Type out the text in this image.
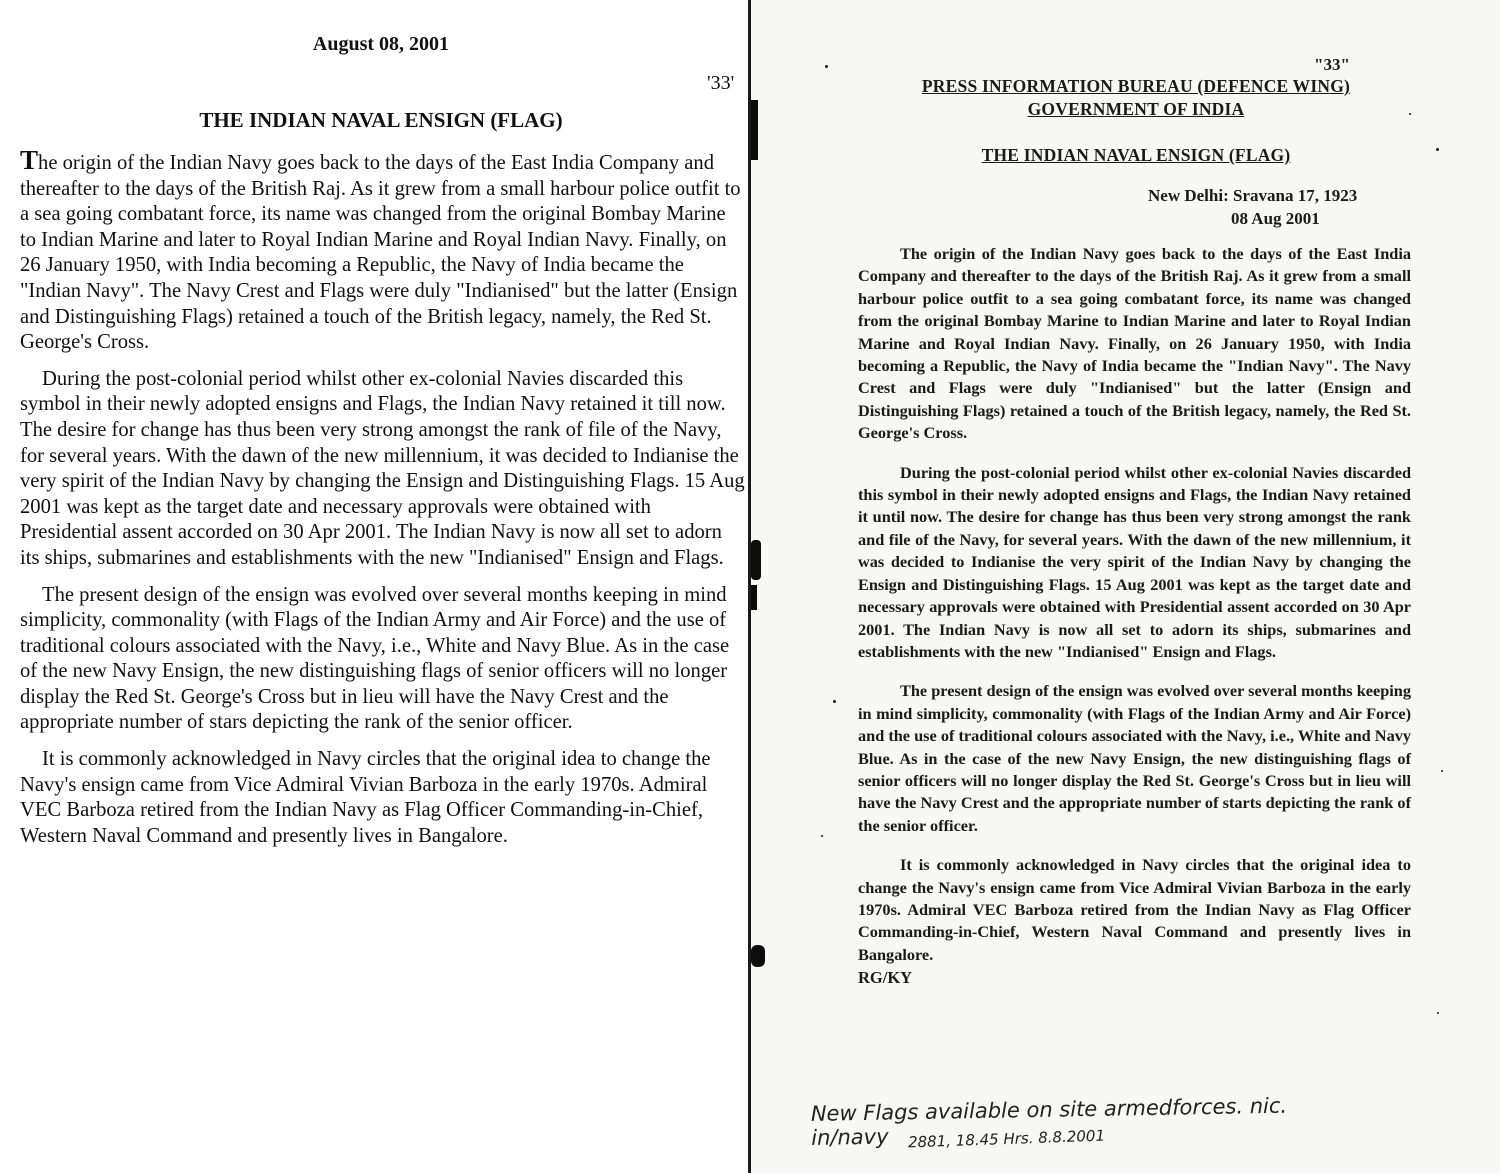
August 08, 2001
'33'
THE INDIAN NAVAL ENSIGN (FLAG)

The origin of the Indian Navy goes back to the days of the East India Company and thereafter to the days of the British Raj. As it grew from a small harbour police outfit to a sea going combatant force, its name was changed from the original Bombay Marine to Indian Marine and later to Royal Indian Marine and Royal Indian Navy. Finally, on 26 January 1950, with India becoming a Republic, the Navy of India became the "Indian Navy". The Navy Crest and Flags were duly "Indianised" but the latter (Ensign and Distinguishing Flags) retained a touch of the British legacy, namely, the Red St. George's Cross.

During the post-colonial period whilst other ex-colonial Navies discarded this symbol in their newly adopted ensigns and Flags, the Indian Navy retained it till now. The desire for change has thus been very strong amongst the rank of file of the Navy, for several years. With the dawn of the new millennium, it was decided to Indianise the very spirit of the Indian Navy by changing the Ensign and Distinguishing Flags. 15 Aug 2001 was kept as the target date and necessary approvals were obtained with Presidential assent accorded on 30 Apr 2001. The Indian Navy is now all set to adorn its ships, submarines and establishments with the new "Indianised" Ensign and Flags.

The present design of the ensign was evolved over several months keeping in mind simplicity, commonality (with Flags of the Indian Army and Air Force) and the use of traditional colours associated with the Navy, i.e., White and Navy Blue. As in the case of the new Navy Ensign, the new distinguishing flags of senior officers will no longer display the Red St. George's Cross but in lieu will have the Navy Crest and the appropriate number of stars depicting the rank of the senior officer.

It is commonly acknowledged in Navy circles that the original idea to change the Navy's ensign came from Vice Admiral Vivian Barboza in the early 1970s. Admiral VEC Barboza retired from the Indian Navy as Flag Officer Commanding-in-Chief, Western Naval Command and presently lives in Bangalore.

"33"
PRESS INFORMATION BUREAU (DEFENCE WING)
GOVERNMENT OF INDIA
THE INDIAN NAVAL ENSIGN (FLAG)
New Delhi: Sravana 17, 1923
08 Aug 2001

The origin of the Indian Navy goes back to the days of the East India Company and thereafter to the days of the British Raj. As it grew from a small harbour police outfit to a sea going combatant force, its name was changed from the original Bombay Marine to Indian Marine and later to Royal Indian Marine and Royal Indian Navy. Finally, on 26 January 1950, with India becoming a Republic, the Navy of India became the "Indian Navy". The Navy Crest and Flags were duly "Indianised" but the latter (Ensign and Distinguishing Flags) retained a touch of the British legacy, namely, the Red St. George's Cross.

During the post-colonial period whilst other ex-colonial Navies discarded this symbol in their newly adopted ensigns and Flags, the Indian Navy retained it until now. The desire for change has thus been very strong amongst the rank and file of the Navy, for several years. With the dawn of the new millennium, it was decided to Indianise the very spirit of the Indian Navy by changing the Ensign and Distinguishing Flags. 15 Aug 2001 was kept as the target date and necessary approvals were obtained with Presidential assent accorded on 30 Apr 2001. The Indian Navy is now all set to adorn its ships, submarines and establishments with the new "Indianised" Ensign and Flags.

The present design of the ensign was evolved over several months keeping in mind simplicity, commonality (with Flags of the Indian Army and Air Force) and the use of traditional colours associated with the Navy, i.e., White and Navy Blue. As in the case of the new Navy Ensign, the new distinguishing flags of senior officers will no longer display the Red St. George's Cross but in lieu will have the Navy Crest and the appropriate number of starts depicting the rank of the senior officer.

It is commonly acknowledged in Navy circles that the original idea to change the Navy's ensign came from Vice Admiral Vivian Barboza in the early 1970s. Admiral VEC Barboza retired from the Indian Navy as Flag Officer Commanding-in-Chief, Western Naval Command and presently lives in Bangalore.

RG/KY
New Flags available on site armedforces. nic. in/navy	2881, 18.45 Hrs. 8.8.2001
